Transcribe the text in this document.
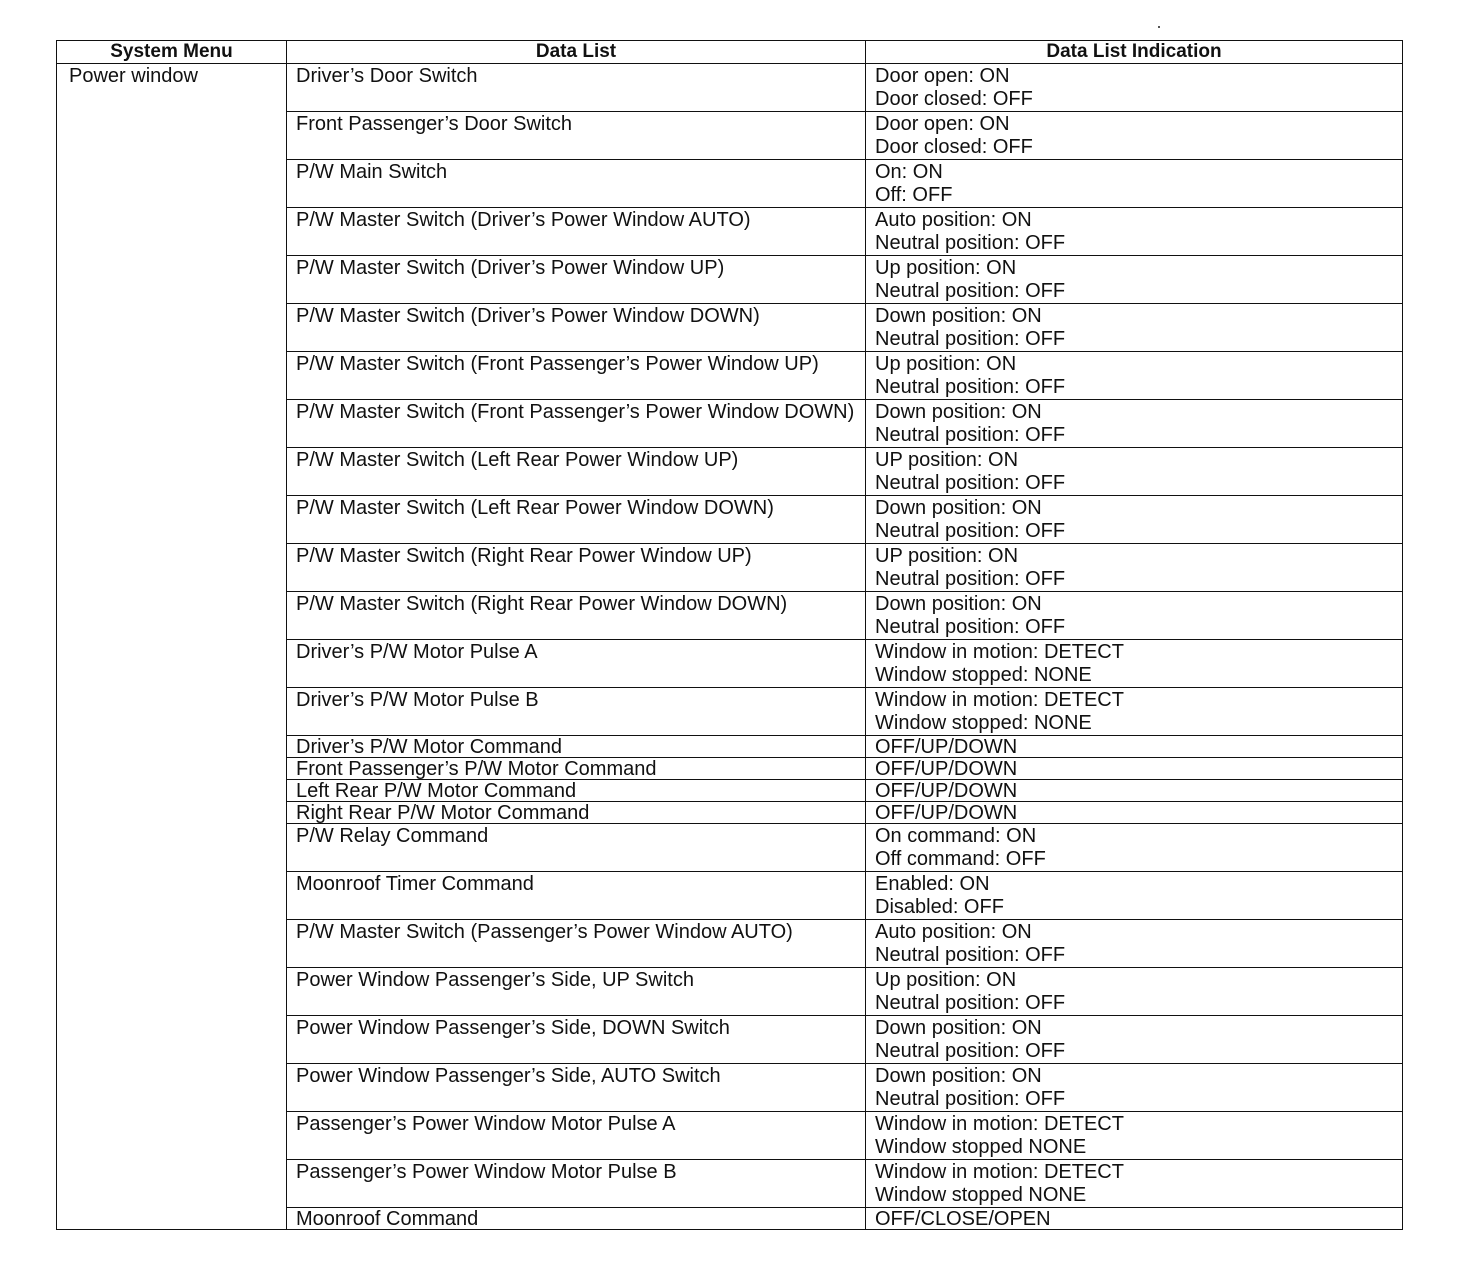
System Menu	Data List	Data List Indication
Power window	Driver’s Door Switch	Door open: ON
Door closed: OFF

	Front Passenger’s Door Switch	Door open: ON
Door closed: OFF

	P/W Main Switch	On: ON
Off: OFF

	P/W Master Switch (Driver’s Power Window AUTO)	Auto position: ON
Neutral position: OFF

	P/W Master Switch (Driver’s Power Window UP)	Up position: ON
Neutral position: OFF

	P/W Master Switch (Driver’s Power Window DOWN)	Down position: ON
Neutral position: OFF

	P/W Master Switch (Front Passenger’s Power Window UP)	Up position: ON
Neutral position: OFF

	P/W Master Switch (Front Passenger’s Power Window DOWN)	Down position: ON
Neutral position: OFF

	P/W Master Switch (Left Rear Power Window UP)	UP position: ON
Neutral position: OFF

	P/W Master Switch (Left Rear Power Window DOWN)	Down position: ON
Neutral position: OFF

	P/W Master Switch (Right Rear Power Window UP)	UP position: ON
Neutral position: OFF

	P/W Master Switch (Right Rear Power Window DOWN)	Down position: ON
Neutral position: OFF

	Driver’s P/W Motor Pulse A	Window in motion: DETECT
Window stopped: NONE

	Driver’s P/W Motor Pulse B	Window in motion: DETECT
Window stopped: NONE

	Driver’s P/W Motor Command	OFF/UP/DOWN

	Front Passenger’s P/W Motor Command	OFF/UP/DOWN

	Left Rear P/W Motor Command	OFF/UP/DOWN

	Right Rear P/W Motor Command	OFF/UP/DOWN

	P/W Relay Command	On command: ON
Off command: OFF

	Moonroof Timer Command	Enabled: ON
Disabled: OFF

	P/W Master Switch (Passenger’s Power Window AUTO)	Auto position: ON
Neutral position: OFF

	Power Window Passenger’s Side, UP Switch	Up position: ON
Neutral position: OFF

	Power Window Passenger’s Side, DOWN Switch	Down position: ON
Neutral position: OFF

	Power Window Passenger’s Side, AUTO Switch	Down position: ON
Neutral position: OFF

	Passenger’s Power Window Motor Pulse A	Window in motion: DETECT
Window stopped NONE

	Passenger’s Power Window Motor Pulse B	Window in motion: DETECT
Window stopped NONE

	Moonroof Command	OFF/CLOSE/OPEN
